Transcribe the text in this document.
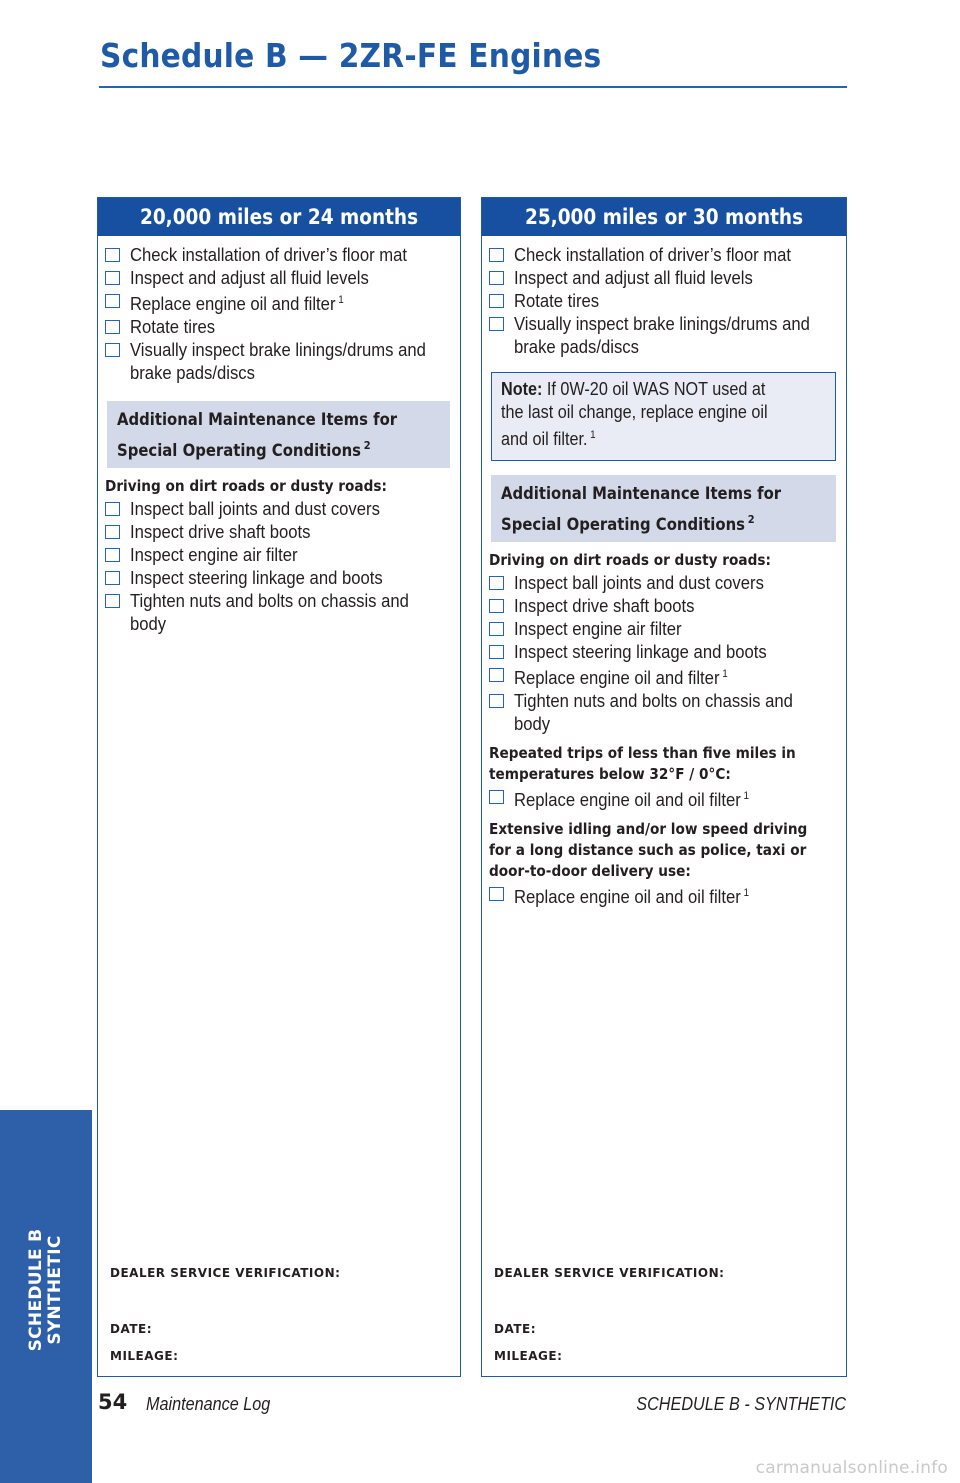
Schedule B — 2ZR-FE Engines
SCHEDULE B SYNTHETIC
20,000 miles or 24 months
Check installation of driver’s floor mat
Inspect and adjust all fluid levels
Replace engine oil and filter $^1$
Rotate tires
Visually inspect brake linings/drums and brake pads/discs
Additional Maintenance Items for
Special Operating Conditions $^2$
Driving on dirt roads or dusty roads:
Inspect ball joints and dust covers
Inspect drive shaft boots
Inspect engine air filter
Inspect steering linkage and boots
Tighten nuts and bolts on chassis and body
DEALER SERVICE VERIFICATION:
DATE:
MILEAGE:
25,000 miles or 30 months
Check installation of driver’s floor mat
Inspect and adjust all fluid levels
Rotate tires
Visually inspect brake linings/drums and brake pads/discs
Note: If 0W-20 oil WAS NOT used at
the last oil change, replace engine oil
and oil filter. $^1$
Additional Maintenance Items for
Special Operating Conditions $^2$
Driving on dirt roads or dusty roads:
Inspect ball joints and dust covers
Inspect drive shaft boots
Inspect engine air filter
Inspect steering linkage and boots
Replace engine oil and filter $^1$
Tighten nuts and bolts on chassis and body
Repeated trips of less than five miles in
temperatures below 32°F / 0°C:
Replace engine oil and oil filter $^1$
Extensive idling and/or low speed driving
for a long distance such as police, taxi or
door-to-door delivery use:
Replace engine oil and oil filter $^1$
DEALER SERVICE VERIFICATION:
DATE:
MILEAGE:
54 Maintenance Log	SCHEDULE B - SYNTHETIC
carmanualsonline.info
